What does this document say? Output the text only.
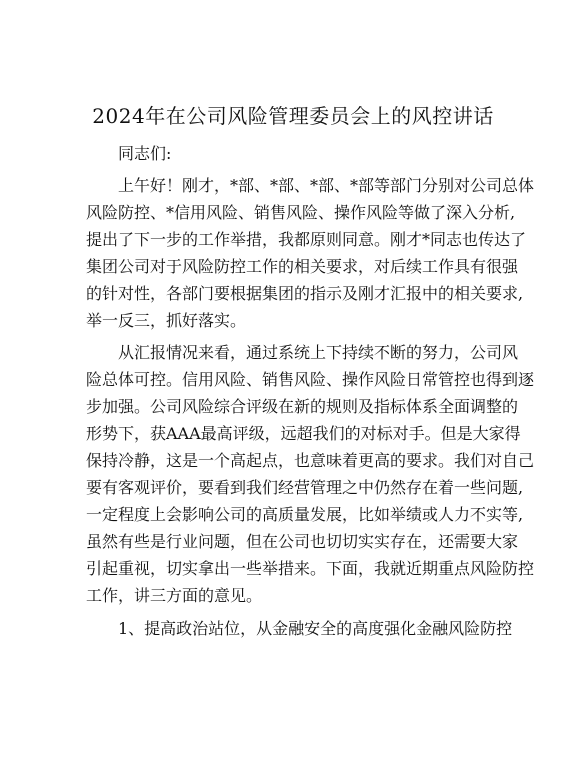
2024年在公司风险管理委员会上的风控讲话
同志们:
上午好！刚才，*部、*部、*部、*部等部门分别对公司总体
风险防控、*信用风险、销售风险、操作风险等做了深入分析,
提出了下一步的工作举措，我都原则同意。刚才*同志也传达了
集团公司对于风险防控工作的相关要求，对后续工作具有很强
的针对性，各部门要根据集团的指示及刚才汇报中的相关要求,
举一反三，抓好落实。
从汇报情况来看，通过系统上下持续不断的努力，公司风
险总体可控。信用风险、销售风险、操作风险日常管控也得到逐
步加强。公司风险综合评级在新的规则及指标体系全面调整的
形势下，获AAA最高评级，远超我们的对标对手。但是大家得
保持冷静，这是一个高起点，也意味着更高的要求。我们对自己
要有客观评价，要看到我们经营管理之中仍然存在着一些问题,
一定程度上会影响公司的高质量发展，比如举绩或人力不实等,
虽然有些是行业问题，但在公司也切切实实存在，还需要大家
引起重视，切实拿出一些举措来。下面，我就近期重点风险防控
工作，讲三方面的意见。
1、提高政治站位，从金融安全的高度强化金融风险防控
